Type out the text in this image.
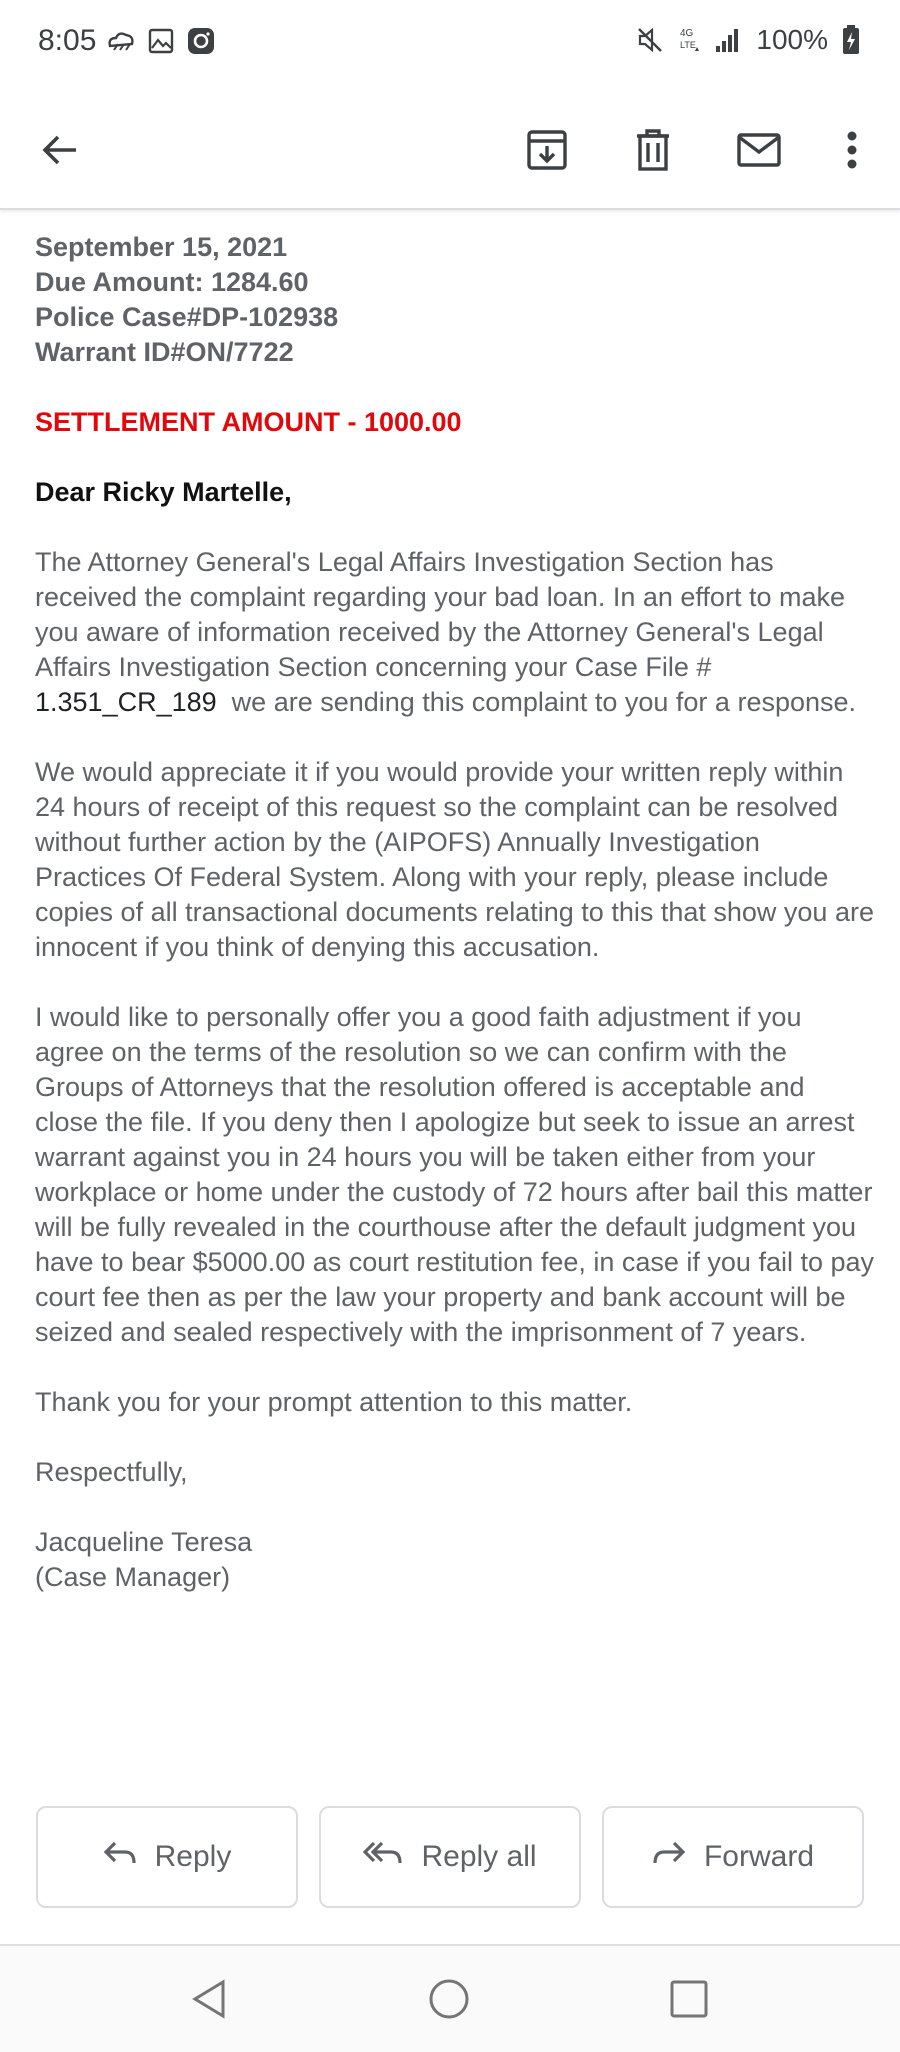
8:05	4G
LTE 100%
September 15, 2021
Due Amount: 1284.60
Police Case#DP-102938
Warrant ID#ON/7722
SETTLEMENT AMOUNT - 1000.00
Dear Ricky Martelle,
The Attorney General's Legal Affairs Investigation Section has received the complaint regarding your bad loan. In an effort to make you aware of information received by the Attorney General's Legal Affairs Investigation Section concerning your Case File # 1.351_CR_189 we are sending this complaint to you for a response.
We would appreciate it if you would provide your written reply within 24 hours of receipt of this request so the complaint can be resolved without further action by the (AIPOFS) Annually Investigation Practices Of Federal System. Along with your reply, please include copies of all transactional documents relating to this that show you are innocent if you think of denying this accusation.
I would like to personally offer you a good faith adjustment if you agree on the terms of the resolution so we can confirm with the Groups of Attorneys that the resolution offered is acceptable and close the file. If you deny then I apologize but seek to issue an arrest warrant against you in 24 hours you will be taken either from your workplace or home under the custody of 72 hours after bail this matter will be fully revealed in the courthouse after the default judgment you have to bear $5000.00 as court restitution fee, in case if you fail to pay court fee then as per the law your property and bank account will be seized and sealed respectively with the imprisonment of 7 years.
Thank you for your prompt attention to this matter.
Respectfully,
Jacqueline Teresa
(Case Manager)
Reply	Reply all	Forward
